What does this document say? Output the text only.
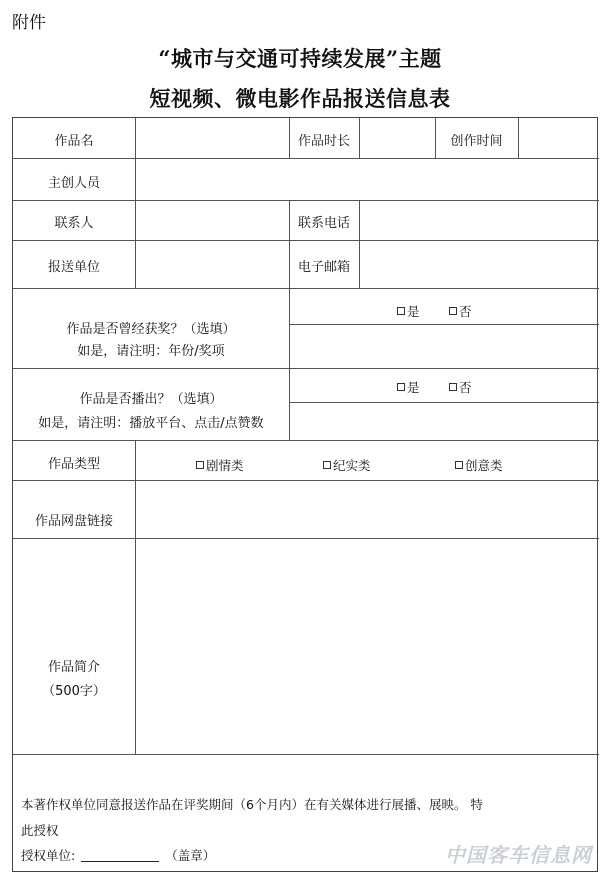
附件
“城市与交通可持续发展”主题
短视频、微电影作品报送信息表
作品名	作品时长	创作时间
主创人员
联系人	联系电话
报送单位	电子邮箱
作品是否曾经获奖？（选填）
如是，请注明：年份/奖项
是	否
作品是否播出？（选填）
如是，请注明：播放平台、点击/点赞数
是	否
作品类型	剧情类	纪实类	创意类
作品网盘链接
作品简介
（500字）
本著作权单位同意报送作品在评奖期间（6个月内）在有关媒体进行展播、展映。 特
此授权
授权单位:	（盖章）	中国客车信息网
